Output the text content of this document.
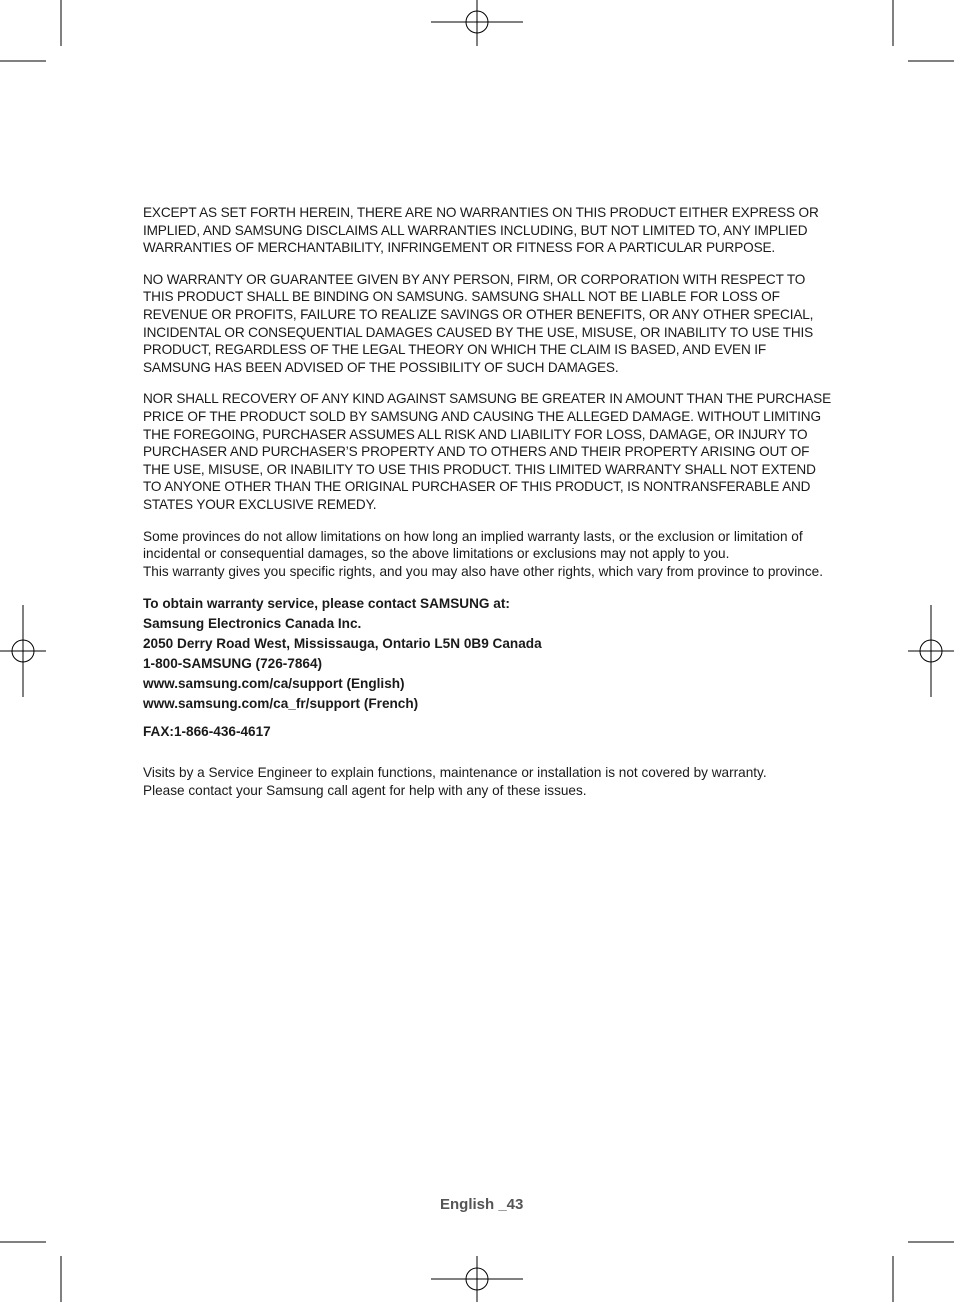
EXCEPT AS SET FORTH HEREIN, THERE ARE NO WARRANTIES ON THIS PRODUCT EITHER EXPRESS OR IMPLIED, AND SAMSUNG DISCLAIMS ALL WARRANTIES INCLUDING, BUT NOT LIMITED TO, ANY IMPLIED WARRANTIES OF MERCHANTABILITY, INFRINGEMENT OR FITNESS FOR A PARTICULAR PURPOSE.

NO WARRANTY OR GUARANTEE GIVEN BY ANY PERSON, FIRM, OR CORPORATION WITH RESPECT TO THIS PRODUCT SHALL BE BINDING ON SAMSUNG. SAMSUNG SHALL NOT BE LIABLE FOR LOSS OF REVENUE OR PROFITS, FAILURE TO REALIZE SAVINGS OR OTHER BENEFITS, OR ANY OTHER SPECIAL, INCIDENTAL OR CONSEQUENTIAL DAMAGES CAUSED BY THE USE, MISUSE, OR INABILITY TO USE THIS PRODUCT, REGARDLESS OF THE LEGAL THEORY ON WHICH THE CLAIM IS BASED, AND EVEN IF SAMSUNG HAS BEEN ADVISED OF THE POSSIBILITY OF SUCH DAMAGES.

NOR SHALL RECOVERY OF ANY KIND AGAINST SAMSUNG BE GREATER IN AMOUNT THAN THE PURCHASE PRICE OF THE PRODUCT SOLD BY SAMSUNG AND CAUSING THE ALLEGED DAMAGE. WITHOUT LIMITING THE FOREGOING, PURCHASER ASSUMES ALL RISK AND LIABILITY FOR LOSS, DAMAGE, OR INJURY TO PURCHASER AND PURCHASER’S PROPERTY AND TO OTHERS AND THEIR PROPERTY ARISING OUT OF THE USE, MISUSE, OR INABILITY TO USE THIS PRODUCT. THIS LIMITED WARRANTY SHALL NOT EXTEND TO ANYONE OTHER THAN THE ORIGINAL PURCHASER OF THIS PRODUCT, IS NONTRANSFERABLE AND STATES YOUR EXCLUSIVE REMEDY.

Some provinces do not allow limitations on how long an implied warranty lasts, or the exclusion or limitation of incidental or consequential damages, so the above limitations or exclusions may not apply to you.
This warranty gives you specific rights, and you may also have other rights, which vary from province to province.
To obtain warranty service, please contact SAMSUNG at:
Samsung Electronics Canada Inc.
2050 Derry Road West, Mississauga, Ontario L5N 0B9 Canada
1-800-SAMSUNG (726-7864)
www.samsung.com/ca/support (English)
www.samsung.com/ca_fr/support (French)
FAX:1-866-436-4617
Visits by a Service Engineer to explain functions, maintenance or installation is not covered by warranty.
Please contact your Samsung call agent for help with any of these issues.
English _43
